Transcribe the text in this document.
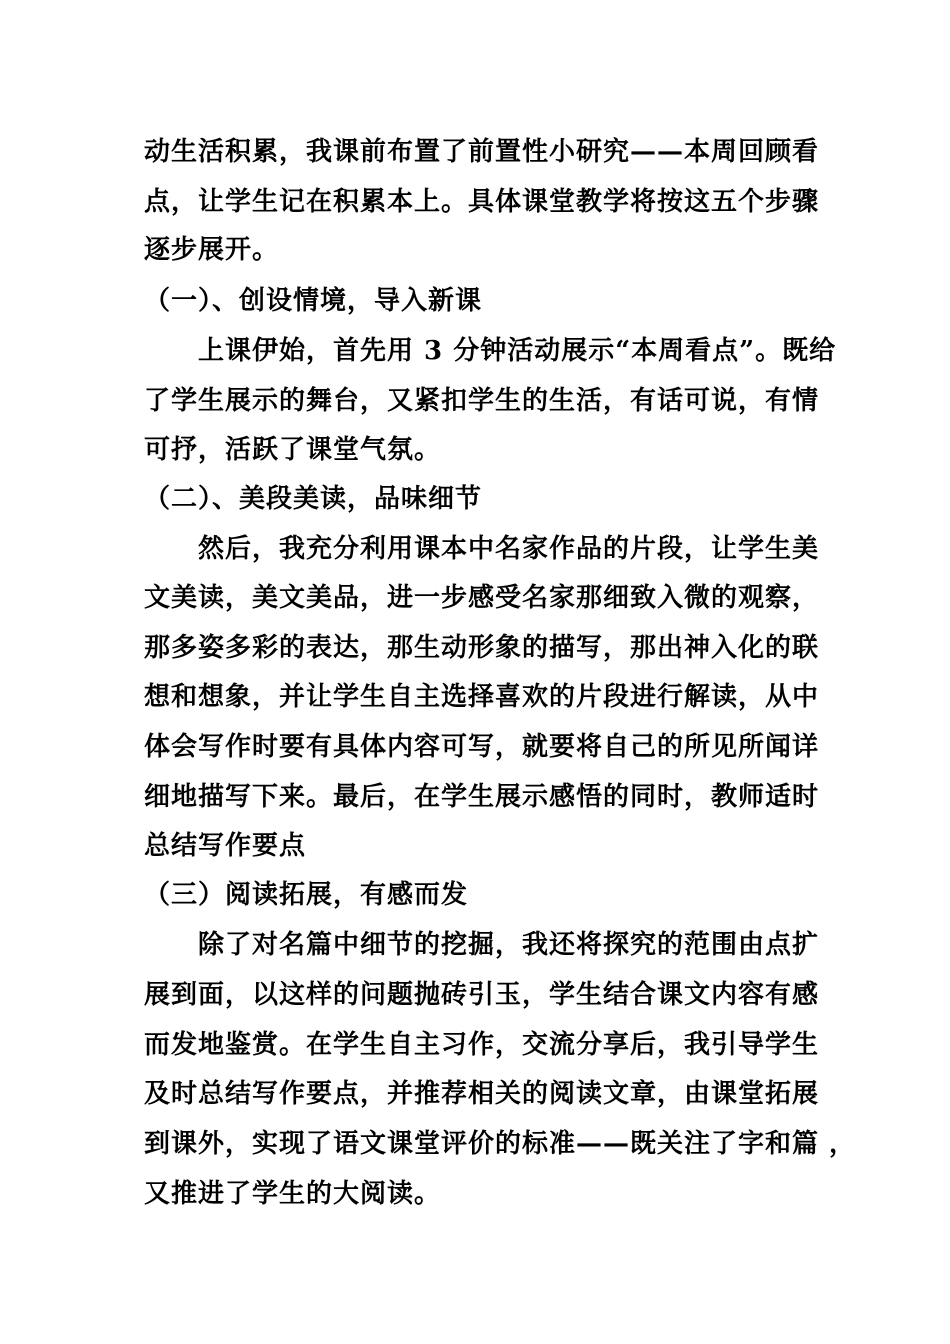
动生活积累，我课前布置了前置性小研究——本周回顾看
点，让学生记在积累本上。具体课堂教学将按这五个步骤
逐步展开。
（一）、创设情境，导入新课
　　上课伊始，首先用 3 分钟活动展示“本周看点”。既给
了学生展示的舞台，又紧扣学生的生活，有话可说，有情
可抒，活跃了课堂气氛。
（二）、美段美读，品味细节
　　然后，我充分利用课本中名家作品的片段，让学生美
文美读，美文美品，进一步感受名家那细致入微的观察，
那多姿多彩的表达，那生动形象的描写，那出神入化的联
想和想象，并让学生自主选择喜欢的片段进行解读，从中
体会写作时要有具体内容可写，就要将自己的所见所闻详
细地描写下来。最后，在学生展示感悟的同时，教师适时
总结写作要点
（三）阅读拓展，有感而发
　　除了对名篇中细节的挖掘，我还将探究的范围由点扩
展到面，以这样的问题抛砖引玉，学生结合课文内容有感
而发地鉴赏。在学生自主习作，交流分享后，我引导学生
及时总结写作要点，并推荐相关的阅读文章，由课堂拓展
到课外，实现了语文课堂评价的标准——既关注了字和篇 ，
又推进了学生的大阅读。
